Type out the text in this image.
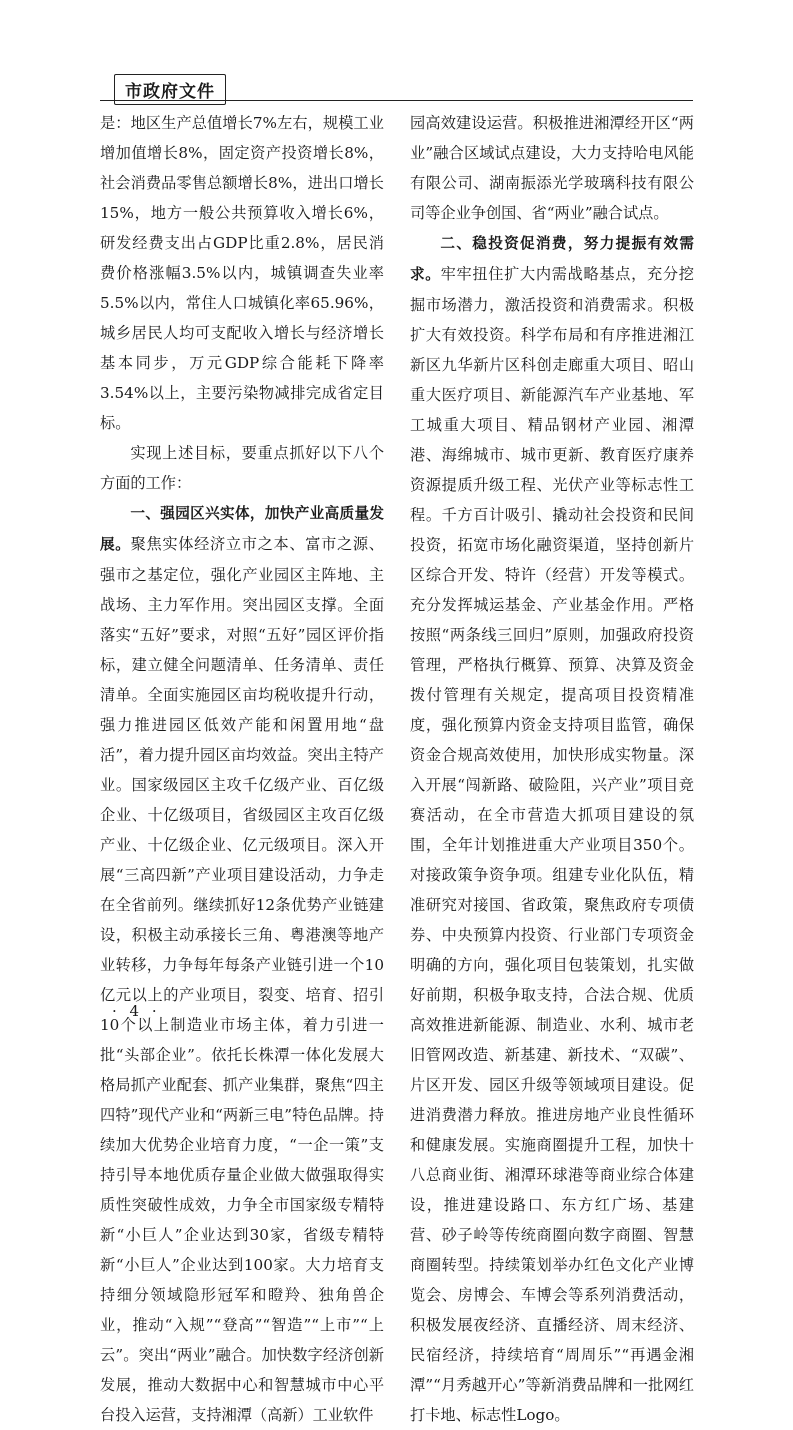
市政府文件

是：地区生产总值增长7%左右，规模工业增加值增长8%，固定资产投资增长8%，社会消费品零售总额增长8%，进出口增长15%，地方一般公共预算收入增长6%，研发经费支出占GDP比重2.8%，居民消费价格涨幅3.5%以内，城镇调查失业率5.5%以内，常住人口城镇化率65.96%，城乡居民人均可支配收入增长与经济增长基本同步，万元GDP综合能耗下降率3.54%以上，主要污染物减排完成省定目标。

实现上述目标，要重点抓好以下八个方面的工作：

一、强园区兴实体，加快产业高质量发展。聚焦实体经济立市之本、富市之源、强市之基定位，强化产业园区主阵地、主战场、主力军作用。突出园区支撑。全面落实“五好”要求，对照“五好”园区评价指标，建立健全问题清单、任务清单、责任清单。全面实施园区亩均税收提升行动，强力推进园区低效产能和闲置用地“盘活”，着力提升园区亩均效益。突出主特产业。国家级园区主攻千亿级产业、百亿级企业、十亿级项目，省级园区主攻百亿级产业、十亿级企业、亿元级项目。深入开展“三高四新”产业项目建设活动，力争走在全省前列。继续抓好12条优势产业链建设，积极主动承接长三角、粤港澳等地产业转移，力争每年每条产业链引进一个10亿元以上的产业项目，裂变、培育、招引10个以上制造业市场主体，着力引进一批“头部企业”。依托长株潭一体化发展大格局抓产业配套、抓产业集群，聚焦“四主四特”现代产业和“两新三电”特色品牌。持续加大优势企业培育力度，“一企一策”支持引导本地优质存量企业做大做强取得实质性突破性成效，力争全市国家级专精特新“小巨人”企业达到30家，省级专精特新“小巨人”企业达到100家。大力培育支持细分领域隐形冠军和瞪羚、独角兽企业，推动“入规”“登高”“智造”“上市”“上云”。突出“两业”融合。加快数字经济创新发展，推动大数据中心和智慧城市中心平台投入运营，支持湘潭（高新）工业软件

园高效建设运营。积极推进湘潭经开区“两业”融合区域试点建设，大力支持哈电风能有限公司、湖南振添光学玻璃科技有限公司等企业争创国、省“两业”融合试点。

二、稳投资促消费，努力提振有效需求。牢牢扭住扩大内需战略基点，充分挖掘市场潜力，激活投资和消费需求。积极扩大有效投资。科学布局和有序推进湘江新区九华新片区科创走廊重大项目、昭山重大医疗项目、新能源汽车产业基地、军工城重大项目、精品钢材产业园、湘潭港、海绵城市、城市更新、教育医疗康养资源提质升级工程、光伏产业等标志性工程。千方百计吸引、撬动社会投资和民间投资，拓宽市场化融资渠道，坚持创新片区综合开发、特许（经营）开发等模式。充分发挥城运基金、产业基金作用。严格按照“两条线三回归”原则，加强政府投资管理，严格执行概算、预算、决算及资金拨付管理有关规定，提高项目投资精准度，强化预算内资金支持项目监管，确保资金合规高效使用，加快形成实物量。深入开展“闯新路、破险阻，兴产业”项目竞赛活动，在全市营造大抓项目建设的氛围，全年计划推进重大产业项目350个。对接政策争资争项。组建专业化队伍，精准研究对接国、省政策，聚焦政府专项债券、中央预算内投资、行业部门专项资金明确的方向，强化项目包装策划，扎实做好前期，积极争取支持，合法合规、优质高效推进新能源、制造业、水利、城市老旧管网改造、新基建、新技术、“双碳”、片区开发、园区升级等领域项目建设。促进消费潜力释放。推进房地产业良性循环和健康发展。实施商圈提升工程，加快十八总商业街、湘潭环球港等商业综合体建设，推进建设路口、东方红广场、基建营、砂子岭等传统商圈向数字商圈、智慧商圈转型。持续策划举办红色文化产业博览会、房博会、车博会等系列消费活动，积极发展夜经济、直播经济、周末经济、民宿经济，持续培育“周周乐”“再遇金湘潭”“月秀越开心”等新消费品牌和一批网红打卡地、标志性Logo。

· 4 ·
